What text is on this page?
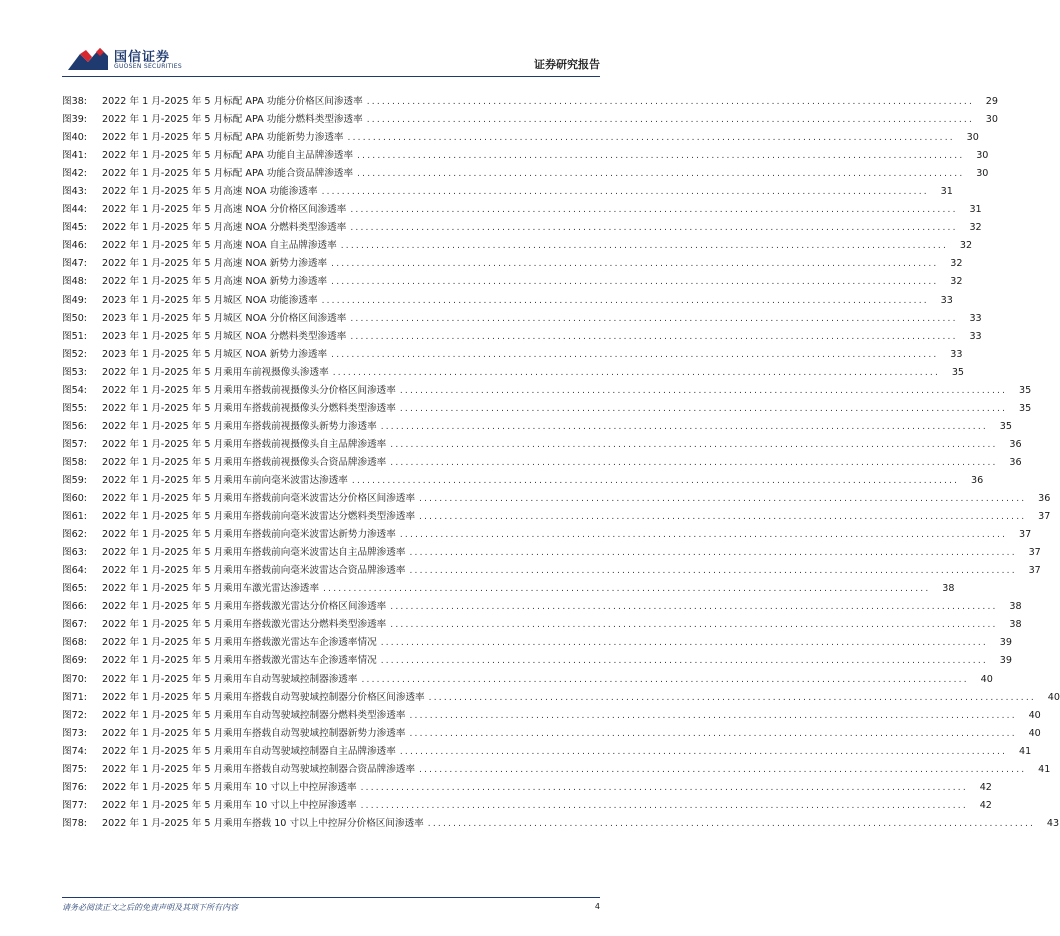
国信证券
GUOSEN SECURITIES	证券研究报告
图38:	2022 年 1 月-2025 年 5 月标配 APA 功能分价格区间渗透率 ........................................................................................................................	29
图39:	2022 年 1 月-2025 年 5 月标配 APA 功能分燃料类型渗透率 ........................................................................................................................	30
图40:	2022 年 1 月-2025 年 5 月标配 APA 功能新势力渗透率 ........................................................................................................................	30
图41:	2022 年 1 月-2025 年 5 月标配 APA 功能自主品牌渗透率 ........................................................................................................................	30
图42:	2022 年 1 月-2025 年 5 月标配 APA 功能合资品牌渗透率 ........................................................................................................................	30
图43:	2022 年 1 月-2025 年 5 月高速 NOA 功能渗透率 ........................................................................................................................	31
图44:	2022 年 1 月-2025 年 5 月高速 NOA 分价格区间渗透率 ........................................................................................................................	31
图45:	2022 年 1 月-2025 年 5 月高速 NOA 分燃料类型渗透率 ........................................................................................................................	32
图46:	2022 年 1 月-2025 年 5 月高速 NOA 自主品牌渗透率 ........................................................................................................................	32
图47:	2022 年 1 月-2025 年 5 月高速 NOA 新势力渗透率 ........................................................................................................................	32
图48:	2022 年 1 月-2025 年 5 月高速 NOA 新势力渗透率 ........................................................................................................................	32
图49:	2023 年 1 月-2025 年 5 月城区 NOA 功能渗透率 ........................................................................................................................	33
图50:	2023 年 1 月-2025 年 5 月城区 NOA 分价格区间渗透率 ........................................................................................................................	33
图51:	2023 年 1 月-2025 年 5 月城区 NOA 分燃料类型渗透率 ........................................................................................................................	33
图52:	2023 年 1 月-2025 年 5 月城区 NOA 新势力渗透率 ........................................................................................................................	33
图53:	2022 年 1 月-2025 年 5 月乘用车前视摄像头渗透率 ........................................................................................................................	35
图54:	2022 年 1 月-2025 年 5 月乘用车搭载前视摄像头分价格区间渗透率 ........................................................................................................................	35
图55:	2022 年 1 月-2025 年 5 月乘用车搭载前视摄像头分燃料类型渗透率 ........................................................................................................................	35
图56:	2022 年 1 月-2025 年 5 月乘用车搭载前视摄像头新势力渗透率 ........................................................................................................................	35
图57:	2022 年 1 月-2025 年 5 月乘用车搭载前视摄像头自主品牌渗透率 ........................................................................................................................	36
图58:	2022 年 1 月-2025 年 5 月乘用车搭载前视摄像头合资品牌渗透率 ........................................................................................................................	36
图59:	2022 年 1 月-2025 年 5 月乘用车前向毫米波雷达渗透率 ........................................................................................................................	36
图60:	2022 年 1 月-2025 年 5 月乘用车搭载前向毫米波雷达分价格区间渗透率 ........................................................................................................................	36
图61:	2022 年 1 月-2025 年 5 月乘用车搭载前向毫米波雷达分燃料类型渗透率 ........................................................................................................................	37
图62:	2022 年 1 月-2025 年 5 月乘用车搭载前向毫米波雷达新势力渗透率 ........................................................................................................................	37
图63:	2022 年 1 月-2025 年 5 月乘用车搭载前向毫米波雷达自主品牌渗透率 ........................................................................................................................	37
图64:	2022 年 1 月-2025 年 5 月乘用车搭载前向毫米波雷达合资品牌渗透率 ........................................................................................................................	37
图65:	2022 年 1 月-2025 年 5 月乘用车激光雷达渗透率 ........................................................................................................................	38
图66:	2022 年 1 月-2025 年 5 月乘用车搭载激光雷达分价格区间渗透率 ........................................................................................................................	38
图67:	2022 年 1 月-2025 年 5 月乘用车搭载激光雷达分燃料类型渗透率 ........................................................................................................................	38
图68:	2022 年 1 月-2025 年 5 月乘用车搭载激光雷达车企渗透率情况 ........................................................................................................................	39
图69:	2022 年 1 月-2025 年 5 月乘用车搭载激光雷达车企渗透率情况 ........................................................................................................................	39
图70:	2022 年 1 月-2025 年 5 月乘用车自动驾驶域控制器渗透率 ........................................................................................................................	40
图71:	2022 年 1 月-2025 年 5 月乘用车搭载自动驾驶域控制器分价格区间渗透率 ........................................................................................................................	40
图72:	2022 年 1 月-2025 年 5 月乘用车自动驾驶域控制器分燃料类型渗透率 ........................................................................................................................	40
图73:	2022 年 1 月-2025 年 5 月乘用车搭载自动驾驶域控制器新势力渗透率 ........................................................................................................................	40
图74:	2022 年 1 月-2025 年 5 月乘用车自动驾驶域控制器自主品牌渗透率 ........................................................................................................................	41
图75:	2022 年 1 月-2025 年 5 月乘用车搭载自动驾驶域控制器合资品牌渗透率 ........................................................................................................................	41
图76:	2022 年 1 月-2025 年 5 月乘用车 10 寸以上中控屏渗透率 ........................................................................................................................	42
图77:	2022 年 1 月-2025 年 5 月乘用车 10 寸以上中控屏渗透率 ........................................................................................................................	42
图78:	2022 年 1 月-2025 年 5 月乘用车搭载 10 寸以上中控屏分价格区间渗透率 ........................................................................................................................	43
请务必阅读正文之后的免责声明及其项下所有内容	4
